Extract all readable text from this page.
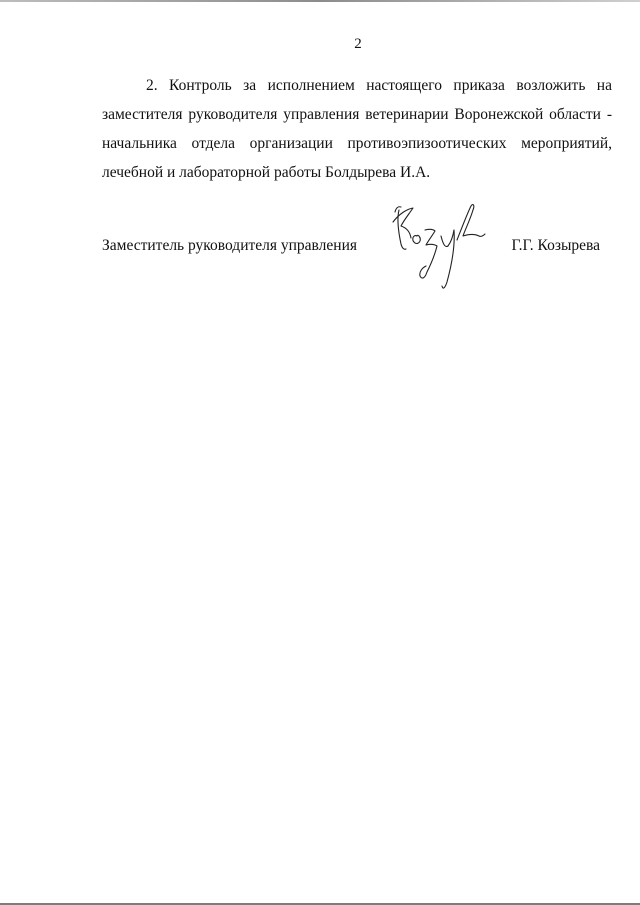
2

2. Контроль за исполнением настоящего приказа возложить на заместителя руководителя управления ветеринарии Воронежской области - начальника отдела организации противоэпизоотических мероприятий, лечебной и лабораторной работы Болдырева И.А.

Заместитель руководителя управления	Г.Г. Козырева
